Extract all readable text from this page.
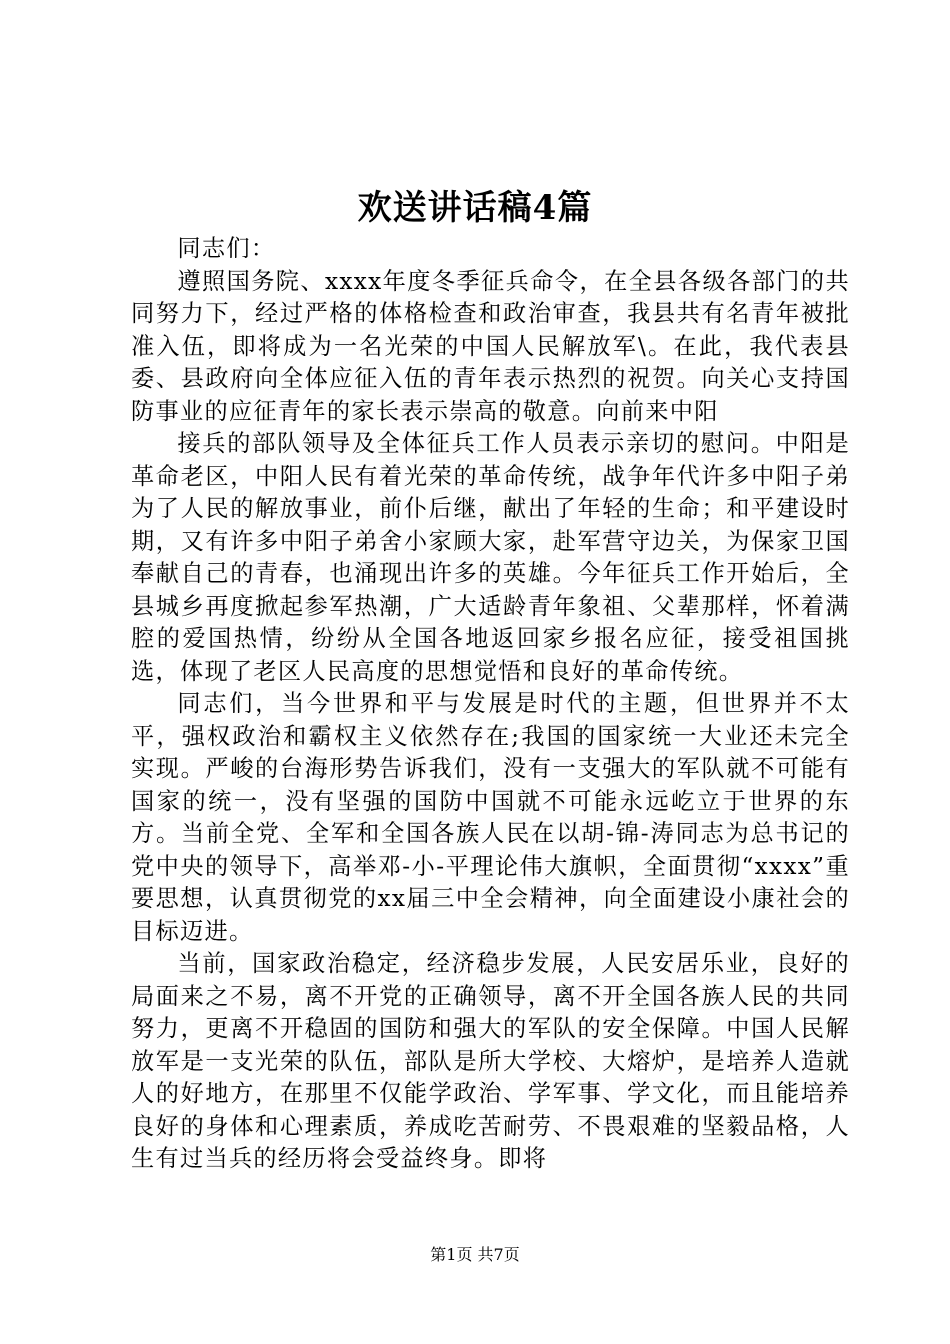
欢送讲话稿4篇

同志们：

遵照国务院、xxxx年度冬季征兵命令，在全县各级各部门的共同努力下，经过严格的体格检查和政治审查，我县共有名青年被批准入伍，即将成为一名光荣的中国人民解放军\。在此，我代表县委、县政府向全体应征入伍的青年表示热烈的祝贺。向关心支持国防事业的应征青年的家长表示崇高的敬意。向前来中阳

接兵的部队领导及全体征兵工作人员表示亲切的慰问。中阳是革命老区，中阳人民有着光荣的革命传统，战争年代许多中阳子弟为了人民的解放事业，前仆后继，献出了年轻的生命；和平建设时期，又有许多中阳子弟舍小家顾大家，赴军营守边关，为保家卫国奉献自己的青春，也涌现出许多的英雄。今年征兵工作开始后，全县城乡再度掀起参军热潮，广大适龄青年象祖、父辈那样，怀着满腔的爱国热情，纷纷从全国各地返回家乡报名应征，接受祖国挑选，体现了老区人民高度的思想觉悟和良好的革命传统。

同志们，当今世界和平与发展是时代的主题，但世界并不太平，强权政治和霸权主义依然存在;我国的国家统一大业还未完全实现。严峻的台海形势告诉我们，没有一支强大的军队就不可能有国家的统一，没有坚强的国防中国就不可能永远屹立于世界的东方。当前全党、全军和全国各族人民在以胡-锦-涛同志为总书记的党中央的领导下，高举邓-小-平理论伟大旗帜，全面贯彻“xxxx”重要思想，认真贯彻党的xx届三中全会精神，向全面建设小康社会的目标迈进。

当前，国家政治稳定，经济稳步发展，人民安居乐业，良好的局面来之不易，离不开党的正确领导，离不开全国各族人民的共同努力，更离不开稳固的国防和强大的军队的安全保障。中国人民解放军是一支光荣的队伍，部队是所大学校、大熔炉，是培养人造就人的好地方，在那里不仅能学政治、学军事、学文化，而且能培养良好的身体和心理素质，养成吃苦耐劳、不畏艰难的坚毅品格，人生有过当兵的经历将会受益终身。即将

第1页 共7页
